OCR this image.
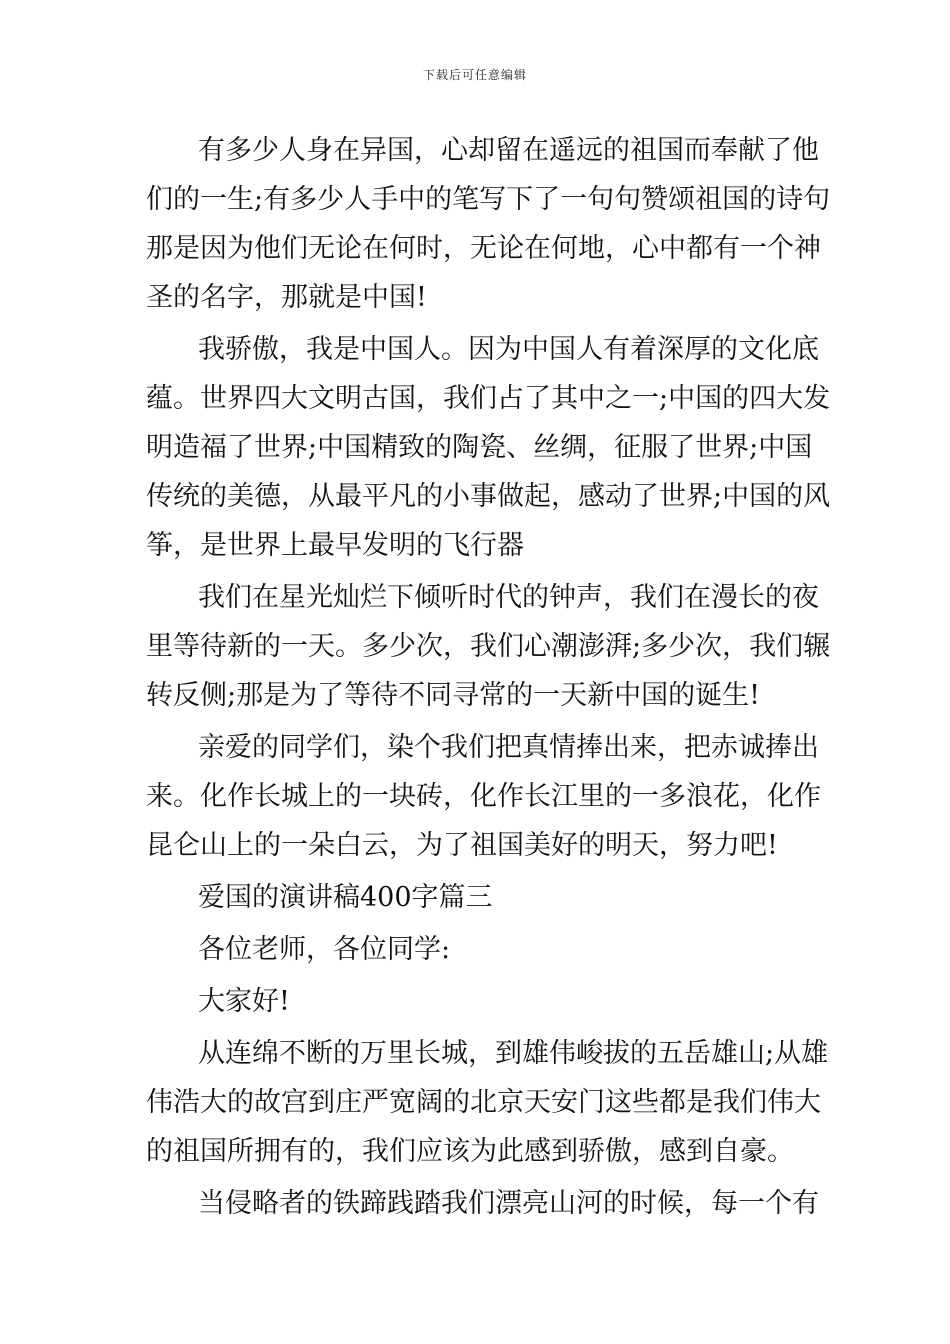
下载后可任意编辑
有多少人身在异国，心却留在遥远的祖国而奉献了他
们的一生;有多少人手中的笔写下了一句句赞颂祖国的诗句
那是因为他们无论在何时，无论在何地，心中都有一个神
圣的名字，那就是中国!
我骄傲，我是中国人。因为中国人有着深厚的文化底
蕴。世界四大文明古国，我们占了其中之一;中国的四大发
明造福了世界;中国精致的陶瓷、丝绸，征服了世界;中国
传统的美德，从最平凡的小事做起，感动了世界;中国的风
筝，是世界上最早发明的飞行器
我们在星光灿烂下倾听时代的钟声，我们在漫长的夜
里等待新的一天。多少次，我们心潮澎湃;多少次，我们辗
转反侧;那是为了等待不同寻常的一天新中国的诞生!
亲爱的同学们，染个我们把真情捧出来，把赤诚捧出
来。化作长城上的一块砖，化作长江里的一多浪花，化作
昆仑山上的一朵白云，为了祖国美好的明天，努力吧!
爱国的演讲稿400字篇三
各位老师，各位同学:
大家好!
从连绵不断的万里长城，到雄伟峻拔的五岳雄山;从雄
伟浩大的故宫到庄严宽阔的北京天安门这些都是我们伟大
的祖国所拥有的，我们应该为此感到骄傲，感到自豪。
当侵略者的铁蹄践踏我们漂亮山河的时候，每一个有
